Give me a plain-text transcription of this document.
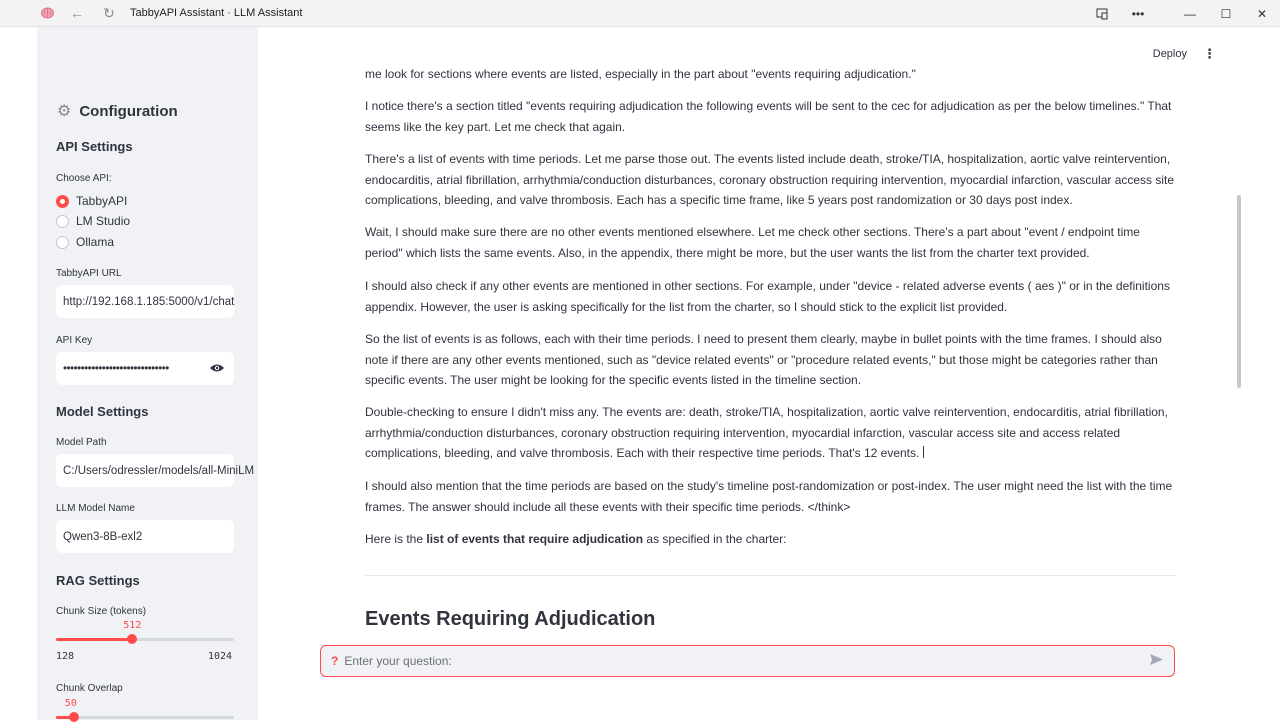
← ↻ TabbyAPI Assistant · LLM Assistant	•••	—	☐	✕
⚙ Configuration
API Settings
Choose API:
TabbyAPI
LM Studio
Ollama
TabbyAPI URL
http://192.168.1.185:5000/v1/chat
API Key
••••••••••••••••••••••••••••••
Model Settings
Model Path
C:/Users/odressler/models/all-MiniLM
LLM Model Name
Qwen3-8B-exl2
RAG Settings
Chunk Size (tokens)
512
128	1024
Chunk Overlap
50
Deploy ⋮

me look for sections where events are listed, especially in the part about "events requiring adjudication."

I notice there's a section titled "events requiring adjudication the following events will be sent to the cec for adjudication as per the below timelines." That seems like the key part. Let me check that again.

There's a list of events with time periods. Let me parse those out. The events listed include death, stroke/TIA, hospitalization, aortic valve reintervention, endocarditis, atrial fibrillation, arrhythmia/conduction disturbances, coronary obstruction requiring intervention, myocardial infarction, vascular access site complications, bleeding, and valve thrombosis. Each has a specific time frame, like 5 years post randomization or 30 days post index.

Wait, I should make sure there are no other events mentioned elsewhere. Let me check other sections. There's a part about "event / endpoint time period" which lists the same events. Also, in the appendix, there might be more, but the user wants the list from the charter text provided.

I should also check if any other events are mentioned in other sections. For example, under "device - related adverse events ( aes )" or in the definitions appendix. However, the user is asking specifically for the list from the charter, so I should stick to the explicit list provided.

So the list of events is as follows, each with their time periods. I need to present them clearly, maybe in bullet points with the time frames. I should also note if there are any other events mentioned, such as "device related events" or "procedure related events," but those might be categories rather than specific events. The user might be looking for the specific events listed in the timeline section.

Double-checking to ensure I didn't miss any. The events are: death, stroke/TIA, hospitalization, aortic valve reintervention, endocarditis, atrial fibrillation, arrhythmia/conduction disturbances, coronary obstruction requiring intervention, myocardial infarction, vascular access site and access related complications, bleeding, and valve thrombosis. Each with their respective time periods. That's 12 events.

I should also mention that the time periods are based on the study's timeline post-randomization or post-index. The user might need the list with the time frames. The answer should include all these events with their specific time periods. </think>

Here is the list of events that require adjudication as specified in the charter:

Events Requiring Adjudication
? Enter your question:
